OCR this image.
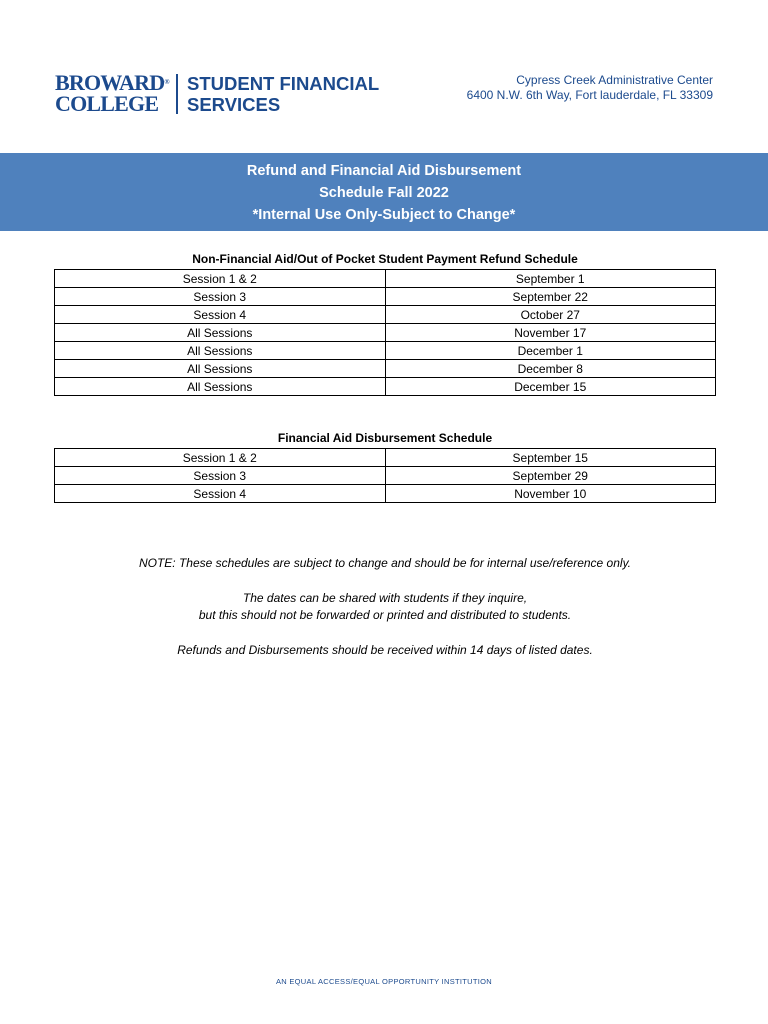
BROWARD®
COLLEGE
STUDENT FINANCIAL
SERVICES
Cypress Creek Administrative Center
6400 N.W. 6th Way, Fort lauderdale, FL 33309
Refund and Financial Aid Disbursement
Schedule Fall 2022
*Internal Use Only-Subject to Change*
Non-Financial Aid/Out of Pocket Student Payment Refund Schedule
Session 1 & 2	September 1
Session 3	September 22
Session 4	October 27
All Sessions	November 17
All Sessions	December 1
All Sessions	December 8
All Sessions	December 15
Financial Aid Disbursement Schedule
Session 1 & 2	September 15
Session 3	September 29
Session 4	November 10

NOTE: These schedules are subject to change and should be for internal use/reference only.

The dates can be shared with students if they inquire,
but this should not be forwarded or printed and distributed to students.

Refunds and Disbursements should be received within 14 days of listed dates.

AN EQUAL ACCESS/EQUAL OPPORTUNITY INSTITUTION
